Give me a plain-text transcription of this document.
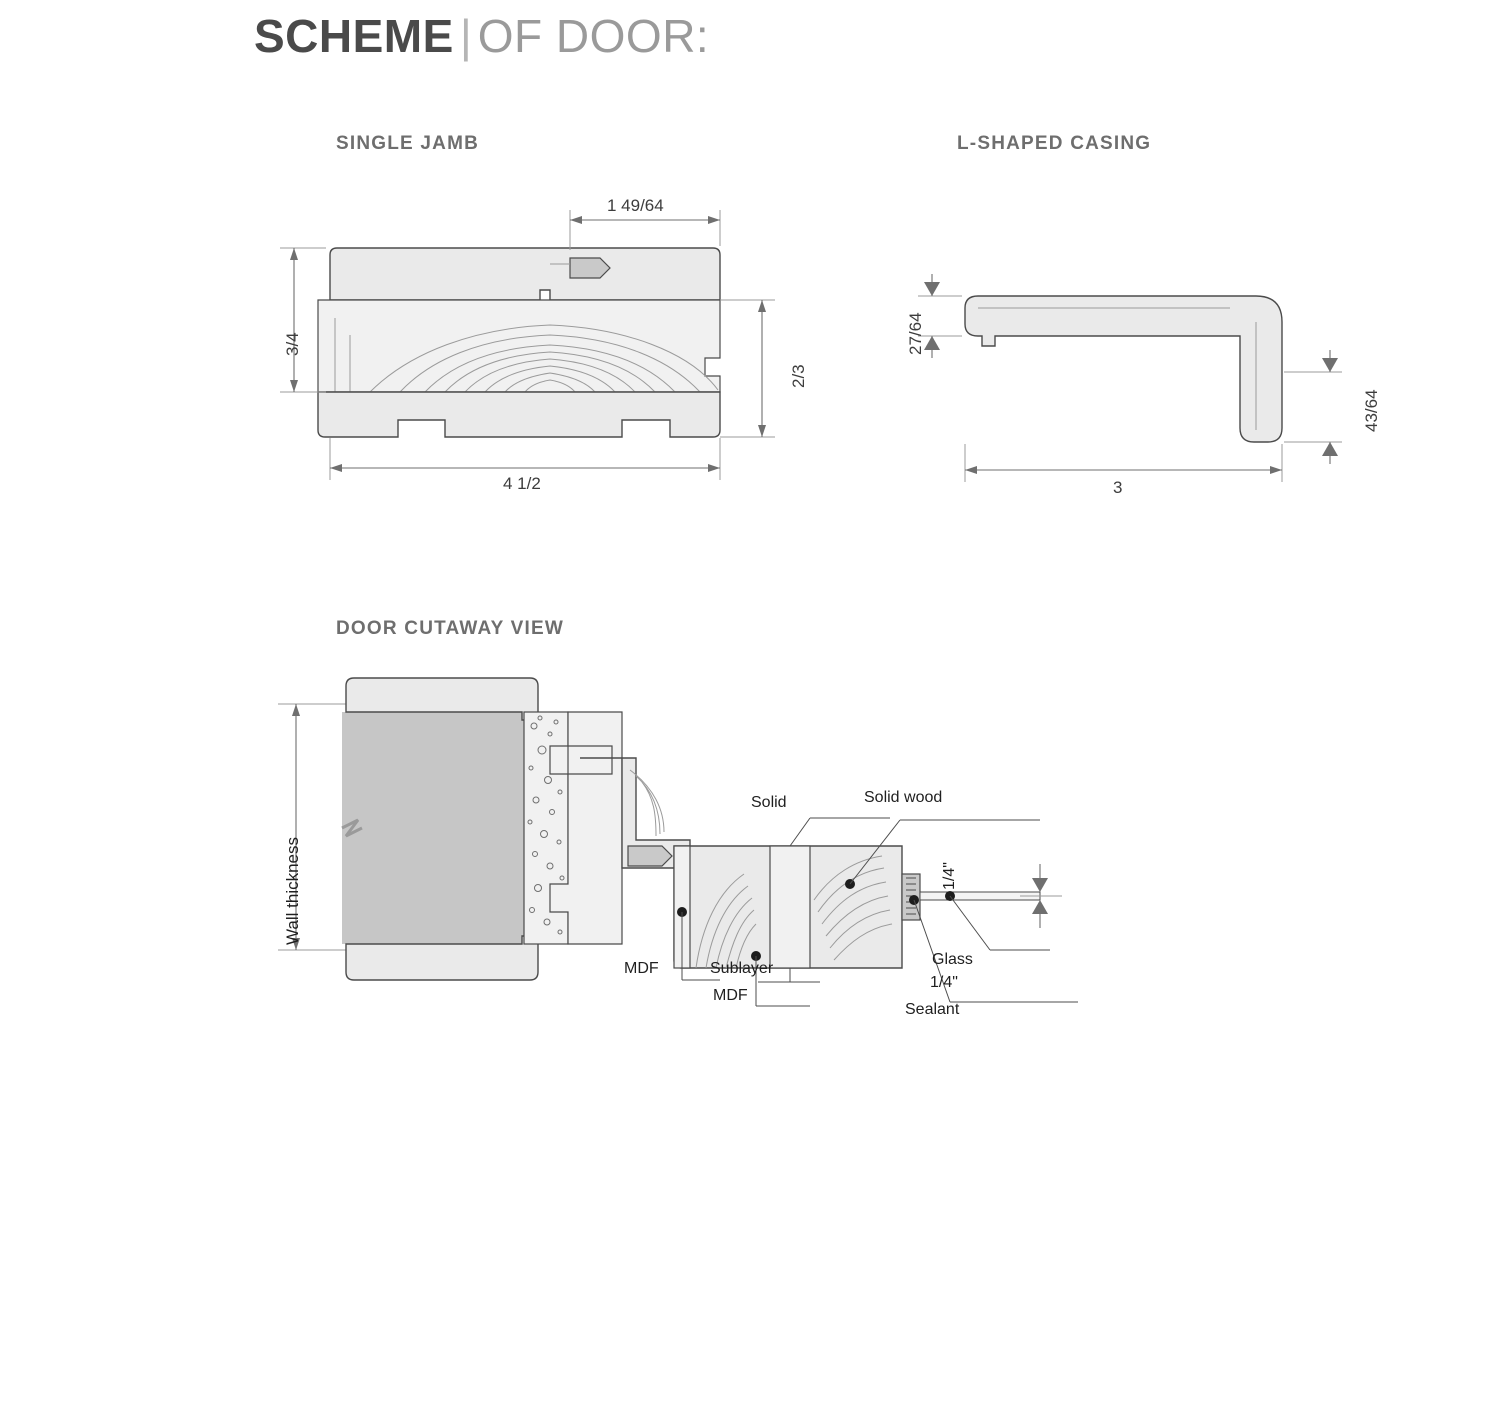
SCHEME | OF DOOR:
SINGLE JAMB	L-SHAPED CASING
DOOR CUTAWAY VIEW
1 49/64
3/4
2/3
4 1/2
27/64
43/64
3
Wall thickness
Solid	Solid wood
MDF	Sublayer
MDF
Glass
1/4"
1/4"
Sealant
